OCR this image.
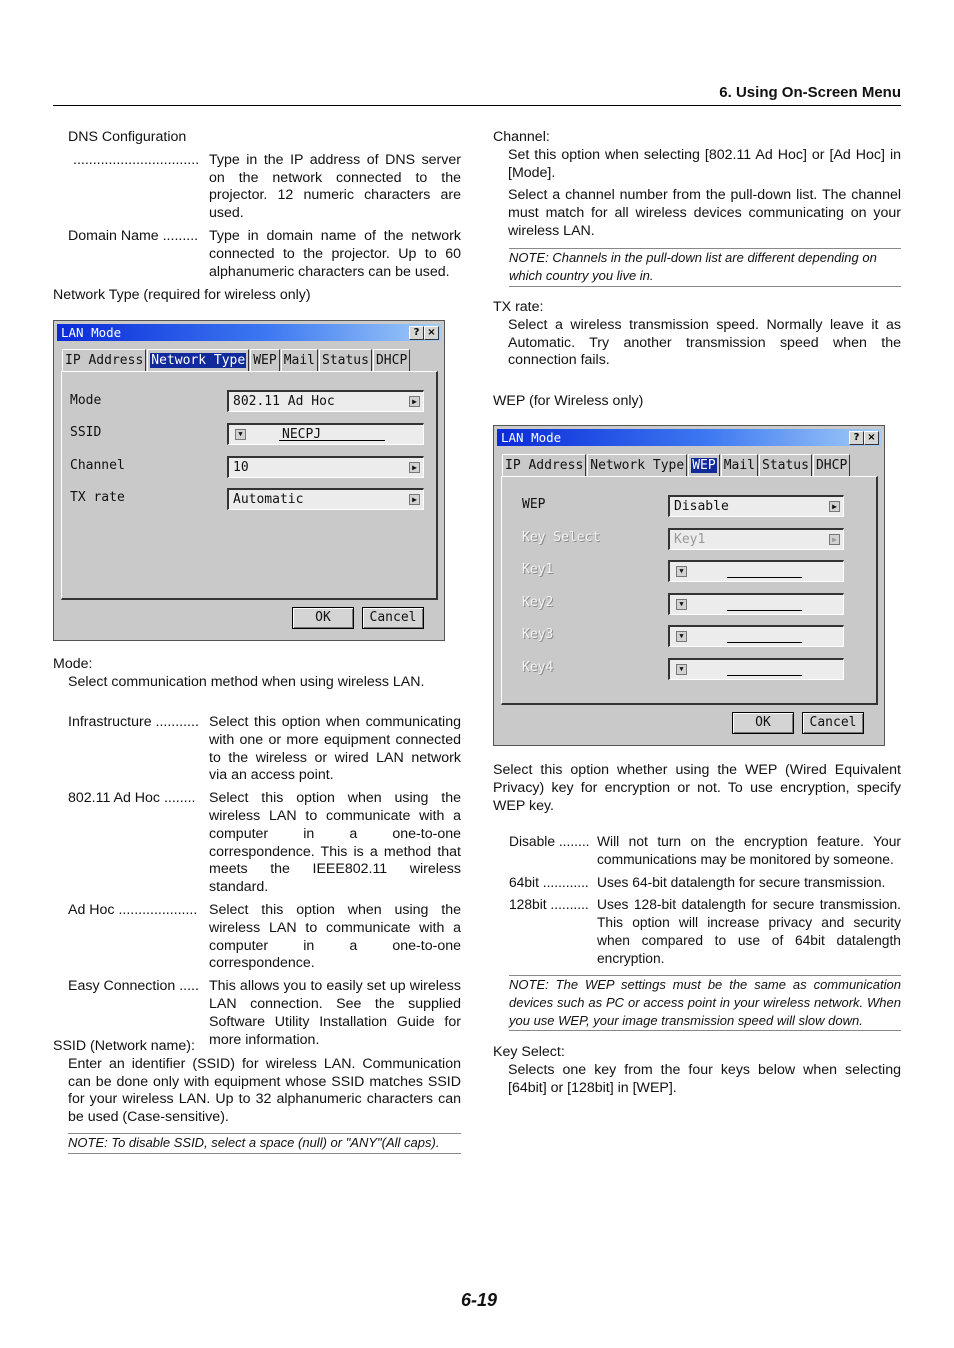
6. Using On-Screen Menu

DNS Configuration

................................ Type in the IP address of DNS server on the network connected to the projector. 12 numeric characters are used.
Domain Name ......... Type in domain name of the network connected to the projector. Up to 60 alphanumeric characters can be used.

Network Type (required for wireless only)

LAN Mode	? ×
IP Address Network Type WEP Mail Status DHCP
Mode	802.11 Ad Hoc	▶
SSID	▼	NECPJ
Channel	10	▶
TX rate	Automatic	▶
OK	Cancel

Mode:

Select communication method when using wireless LAN.

Infrastructure ........... Select this option when communicating with one or more equipment connected to the wireless or wired LAN network via an access point.
802.11 Ad Hoc ........ Select this option when using the wireless LAN to communicate with a computer in a one-to-one correspondence. This is a method that meets the IEEE802.11 wireless standard.
Ad Hoc .................... Select this option when using the wireless LAN to communicate with a computer in a one-to-one correspondence.
Easy Connection ..... This allows you to easily set up wireless LAN connection. See the supplied Software Utility Installation Guide for more information.

SSID (Network name):

Enter an identifier (SSID) for wireless LAN. Communication can be done only with equipment whose SSID matches SSID for your wireless LAN. Up to 32 alphanumeric characters can be used (Case-sensitive).

NOTE: To disable SSID, select a space (null) or "ANY"(All caps).

Channel:

Set this option when selecting [802.11 Ad Hoc] or [Ad Hoc] in [Mode].

Select a channel number from the pull-down list. The channel must match for all wireless devices communicating on your wireless LAN.

NOTE: Channels in the pull-down list are different depending on which country you live in.

TX rate:

Select a wireless transmission speed. Normally leave it as Automatic. Try another transmission speed when the connection fails.

WEP (for Wireless only)

LAN Mode	? ×
IP Address Network Type WEP Mail Status DHCP
WEP	Disable	▶
Key Select	Key1	▶
Key1	▼
Key2	▼
Key3	▼
Key4	▼
OK	Cancel

Select this option whether using the WEP (Wired Equivalent Privacy) key for encryption or not. To use encryption, specify WEP key.

Disable ........ Will not turn on the encryption feature. Your communications may be monitored by someone.
64bit ............ Uses 64-bit datalength for secure transmission.
128bit .......... Uses 128-bit datalength for secure transmission. This option will increase privacy and security when compared to use of 64bit datalength encryption.
NOTE: The WEP settings must be the same as communication devices such as PC or access point in your wireless network. When you use WEP, your image transmission speed will slow down.

Key Select:

Selects one key from the four keys below when selecting [64bit] or [128bit] in [WEP].

6-19
